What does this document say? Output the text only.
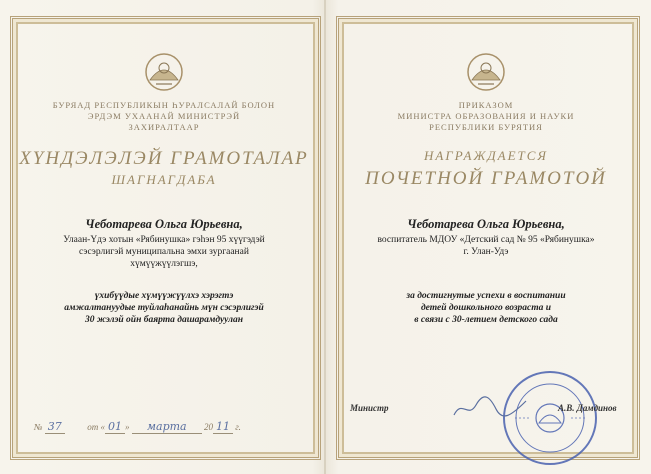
БУРЯАД РЕСПУБЛИКЫН ҺУРАЛСАЛАЙ БОЛОН
ЭРДЭМ УХААНАЙ МИНИСТРЭЙ
ЗАХИРАЛТААР
ХҮНДЭЛЭЛЭЙ ГРАМОТАЛАР
ШАГНАГДАБА
Чеботарева Ольга Юрьевна,
Улаан-Үдэ хотын «Рябинушка» гэһэн 95 хүүгэдэй
сэсэрлигэй муниципальна эмхи зургаанай
хүмүүжүүлэгшэ,
үхибүүдые хүмүүжүүлхэ хэрэгтэ
амжалтануудые туйлаһанайнь мүн сэсэрлигэй
30 жэлэй ойн баярта дашарамдуулан
№ 37	от « 01 » марта 20 11 г.
ПРИКАЗОМ
МИНИСТРА ОБРАЗОВАНИЯ И НАУКИ
РЕСПУБЛИКИ БУРЯТИЯ
НАГРАЖДАЕТСЯ
ПОЧЕТНОЙ ГРАМОТОЙ
Чеботарева Ольга Юрьевна,
воспитатель МДОУ «Детский сад № 95 «Рябинушка»
г. Улан-Удэ
за достигнутые успехи в воспитании
детей дошкольного возраста и
в связи с 30-летием детского сада
Министр	А.В. Дамдинов
